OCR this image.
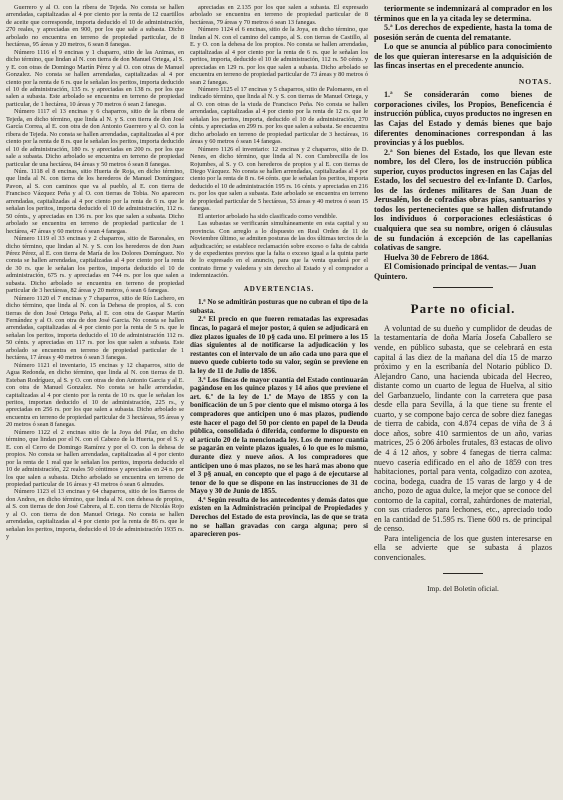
Guerrero y al O. con la ribera de Tejeda. No consta se hallen arrendadas, capitalizadas al 4 por ciento por la renta de 12 cuartillos de aceite que corresponde, importa deducido el 10 de administración, 270 reales, y apreciadas en 900, por los que sale a subasta. Dicho arbolado no encuentra en terreno de propiedad particular, de 8 hectáreas, 95 áreas y 20 metros, 6 sean 8 fanegas.

Número 1116 el 9 encinas y 1 chaparro, sitio de las Animas, en dicho término, que lindan al N. con tierra de don Manuel Ortega, al S. y E. con otras de Domingo Martín Pérez y al O. con otras de Manuel Gonzalez. No consta se hallen arrendadas, capitalizadas al 4 por ciento por la renta de 6 rs. que le señalan los peritos, importa deducido el 10 de administración, 135 rs. y apreciadas en 138 rs. por los que salen a subasta. Este arbolado se encuentra en terreno de propiedad particular, de 1 hectárea, 10 áreas y 70 metros ó sean 2 fanegas.

Número 1117 el 13 encinas y 6 chaparros, sitio de la ribera de Tejeda, en dicho término, que linda al N. y S. con tierra de don José García Correa, al E. con otra de don Antonio Guerrero y al O. con la ribera de Tejeda. No consta se hallen arrendadas, capitalizadas al 4 por ciento por la renta de 8 rs. que le señalan los peritos, importa deducido el 10 de administración, 180 rs. y apreciadas en 200 rs. por los que sale a subasta. Dicho arbolado se encuentra en terreno de propiedad particular de una hectárea, 84 áreas y 50 metros ó sean 8 fanegas.

Núm. 1118 el 8 encinas, sitio Huerta de Roja, en dicho término, que linda al N. con tierra de los herederos de Manuel Domínguez Pavon, al S. con caminos que va al pueblo, al E. con tierra de Francisco Vázquez Peña y al O. con tierras de Tobia. No aparecen arrendadas, capitalizadas al 4 por ciento por la renta de 6 rs. que le señalan los peritos, importa deducido el 10 de administración, 112 rs. 50 cénts., y apreciadas en 136 rs. por los que salen a subasta. Dicho arbolado se encuentra en terreno de propiedad particular de 1 hectárea, 47 áreas y 60 metros ó sean 4 fanegas.

Número 1119 el 33 encinas y 2 chaparros, sitio de Baronales, en dicho término, que lindan al N. y S. con los herederos de don Juan Pérez Pérez, al E. con tierra de María de los Dolores Domínguez. No consta se hallen arrendadas, capitalizadas al 4 por ciento por la renta de 30 rs. que le señalan los peritos, importa deducido el 10 de administración, 675 rs. y apreciadas en 744 rs. por los que salen a subasta. Dicho arbolado se encuentra en terreno de propiedad particular de 3 hectáreas, 82 áreas y 20 metros, ó sean 6 fanegas.

Número 1120 el 7 encinas y 7 chaparros, sitio de Río Lachero, en dicho término, que linda al N. con la Dehesa de propios, al S. con tierras de don José Ortega Peña, al E. con otra de Gaspar Martín Fernández y al O. con otra de don José Garcia. No consta se hallen arrendadas, capitalizadas al 4 por ciento por la renta de 5 rs. que le señalan los peritos, importa deducido el 10 de administración 112 rs. 50 cénts. y apreciadas en 117 rs. por los que salen a subasta. Este arbolado se encuentra en terreno de propiedad particular de 1 hectárea, 17 áreas y 40 metros ó sean 3 fanegas.

Número 1121 el inventario, 15 encinas y 12 chaparros, sitio de Agua Redonda, en dicho término, que linda al N. con tierras de D. Esteban Rodríguez, al S. y O. con otras de don Antonio Garcia y al E. con otra de Manuel Gonzalez. No consta se halle arrendadas, capitalizadas al 4 por ciento por la renta de 10 rs. que le señalan los peritos, importan deducido el 10 de administración, 225 rs., y apreciadas en 256 rs. por los que salen a subasta. Dicho arbolado se encuentra en terreno de propiedad particular de 3 hectáreas, 95 áreas y 20 metros ó sean 8 fanegas.

Número 1122 el 2 encinas sitio de la Joya del Pilar, en dicho término, que lindan por el N. con el Cabezo de la Huerta, por el S. y E. con el Cerro de Domingo Ramírez y por el O. con la dehesa de propios. No consta se hallen arrendadas, capitalizadas al 4 por ciento por la renta de 1 real que le señalan los peritos, importa deducido el 10 de administración, 22 reales 50 céntimos y apreciadas en 24 n. por los que salen a subasta. Dicho arbolado se encuentra en terreno de propiedad particular de 16 áreas y 43 metros ó sean 6 almudes.

Número 1123 el 13 encinas y 64 chaparros, sitio de los Barros de don Andres, en dicho término, que linda al N. con dehesa de propios, al S. con tierras de don José Cabrera, al E. con tierra de Nicolás Rojo y al O. con tierra de don Manuel Ortega. No consta se hallen arrendadas, capitalizadas al 4 por ciento por la renta de 86 rs. que le señalan los peritos, importa, deducido el 10 de administración 1935 rs. y

apreciadas en 2.135 por los que salen a subasta. El expresado arbolado se encuentra en terreno de propiedad particular de 8 hectáreas, 79 áreas y 70 metros ó sean 13 fanegas.

Número 1124 el 6 encinas, sitio de la Joya, en dicho término, que lindan al N. con el camino del campo, al S. con tierras de Castillo, al E. y O. con la dehesa de los propios. No consta se hallen arrendadas, capitalizadas al 4 por ciento por la renta de 6 rs. que le señalan los peritos, importa, deducido el 10 de administración, 112 rs. 50 cénts. y apreciadas en 129 rs. por los que salen a subasta. Dicho arbolado se encuentra en terreno de propiedad particular de 73 áreas y 80 metros ó sean 2 fanegas.

Número 1125 el 17 encinas y 5 chaparros, sitio de Palomares, en el indicado término, que linda al N. y S. con tierras de Manuel Ortega, y al O. con otras de la viuda de Francisco Peña. No consta se hallen arrendadas, capitalizadas al 4 por ciento por la renta de 12 rs. que le señalan los peritos, importa, deducido el 10 de administración, 270 cénts. y apreciadas en 299 rs. por los que salen a subasta. Se encuentra dicho arbolado en terreno de propiedad particular de 3 hectáreas, 16 áreas y 60 metros ó sean 14 fanegas.

Número 1126 el inventario: 12 encinas y 2 chaparros, sitio de D. Nenes, en dicho término, que linda al N. con Cumbrecilla de los Rojumbes, al S. y O. con herederos de propios y al E. con tierras de Diego Vázquez. No consta se hallen arrendadas, capitalizadas al 4 por ciento por la renta de 8 rs. 64 cénts. que le señalan los peritos, importa deducido el 10 de administración 195 rs. 16 cénts. y apreciadas en 216 rs. por los que salen a subasta. Este arbolado se encuentra en terreno de propiedad particular de 5 hectáreas, 53 áreas y 40 metros ó sean 15 fanegas.

El anterior arbolado ha sido clasificado como vendible.

Las subastas se verificarán simultáneamente en esta capital y su provincia. Con arreglo a lo dispuesto en Real Orden de 11 de Noviembre último, se admiten posturas de las dos últimas tercios de la adjudicación; se establece reclamación sobre exceso o falta de cabida y de expedientes previos que la falta o exceso igual a la quinta parte de lo expresado en el anuncio, para que la venta quedará por el contrato firme y valedera y sin derecho al Estado y el comprador a indemnización.

ADVERTENCIAS.

1.ª No se admitirán posturas que no cubran el tipo de la subasta.

2.ª El precio en que fueren rematadas las expresadas fincas, lo pagará el mejor postor, á quien se adjudicará en diez plazos iguales de 10 p§ cada uno. El primero a los 15 días siguientes al de notificarse la adjudicación y los restantes con el intervalo de un año cada uno para que el nuevo quede cubierto todo su valor, según se previene en la ley de 11 de Julio de 1856.

3.ª Los fincas de mayor cuantía del Estado continuarán pagándose en los quince plazos y 14 años que previene el art. 6.º de la ley de 1.º de Mayo de 1855 y con la bonificación de un 5 por ciento que el mismo otorga á los compradores que anticipen uno ó mas plazos, pudiendo este hacer el pago del 50 por ciento en papel de la Deuda pública, consolidada ó diferida, conforme lo dispuesto en el artículo 20 de la mencionada ley. Los de menor cuantía se pagarán en veinte plazos iguales, ó lo que es lo mismo, durante diez y nueve años. A los compradores que anticipen uno ó mas plazos, no se les hará mas abono que el 3 p§ anual, en concepto que el pago á de ejecutarse al tenor de lo que se dispone en las instrucciones de 31 de Mayo y 30 de Junio de 1855.

4.ª Según resulta de los antecedentes y demás datos que existen en la Administración principal de Propiedades y Derechos del Estado de esta provincia, las de que se trata no se hallan gravadas con carga alguna; pero si aparecieren pos-

teriormente se indemnizará al comprador en los términos que en la ya citada ley se determina.

5.ª Los derechos de expediente, hasta la toma de posesión serán de cuenta del rematante.

Lo que se anuncia al público para conocimiento de los que quieran interesarse en la adquisición de las fincas insertas en el precedente anuncio.

NOTAS.

1.ª Se considerarán como bienes de corporaciones civiles, los Propios, Beneficencia é instrucción pública, cuyos productos no ingresen en las Cajas del Estado y demás bienes que bajo diferentes denominaciones correspondan á las provincias y á los pueblos.

2.ª Son bienes del Estado, los que llevan este nombre, los del Clero, los de instrucción pública superior, cuyos productos ingresen en las Cajas del Estado, los del secuestro del ex-Infante D. Carlos, los de las órdenes militares de San Juan de Jerusalén, los de cofradías obras pías, santuarios y todos los pertenecientes que se hallen disfrutando los individuos ó corporaciones eclesiásticas ó cualquiera que sea su nombre, origen ó cláusulas de su fundación á excepción de las capellanías colativas de sangre.

Huelva 30 de Febrero de 1864.

El Comisionado principal de ventas.— Juan Quintero.

Parte no oficial.

A voluntad de su dueño y cumplidor de deudas de la testamentaría de doña María Josefa Caballero se vende, en público subasta, que se celebrará en esta capital á las diez de la mañana del día 15 de marzo próximo y en la escribanía del Notario público D. Alejandro Cano, una hacienda ubicada del Hecreo, distante como un cuarto de legua de Huelva, al sitio del Garbanzuelo, lindante con la carretera que pasa desde ella para Sevilla, á la que tiene su frente el cuarto, y se compone bajo cerca de sobre diez fanegas de tierra de cabida, con 4.874 cepas de viña de 3 á doce años, sobre 410 sarmientos de un año, varias matrices, 25 ó 206 árboles frutales, 83 estacas de olivo de 4 á 12 años, y sobre 4 fanegas de tierra calma: nuevo casería edificado en el año de 1859 con tres habitaciones, portal para venta, colgadizo con azotea, cocina, bodega, cuadra de 15 varas de largo y 4 de ancho, pozo de agua dulce, la mejor que se conoce del contorno de la capital, corral, zahúrdones de material, con sus criaderos para lechones, etc., apreciado todo en la cantidad de 51.595 rs. Tiene 600 rs. de principal de censo.

Para inteligencia de los que gusten interesarse en ella se advierte que se subasta á plazos convencionales.

Imp. del Boletín oficial.
